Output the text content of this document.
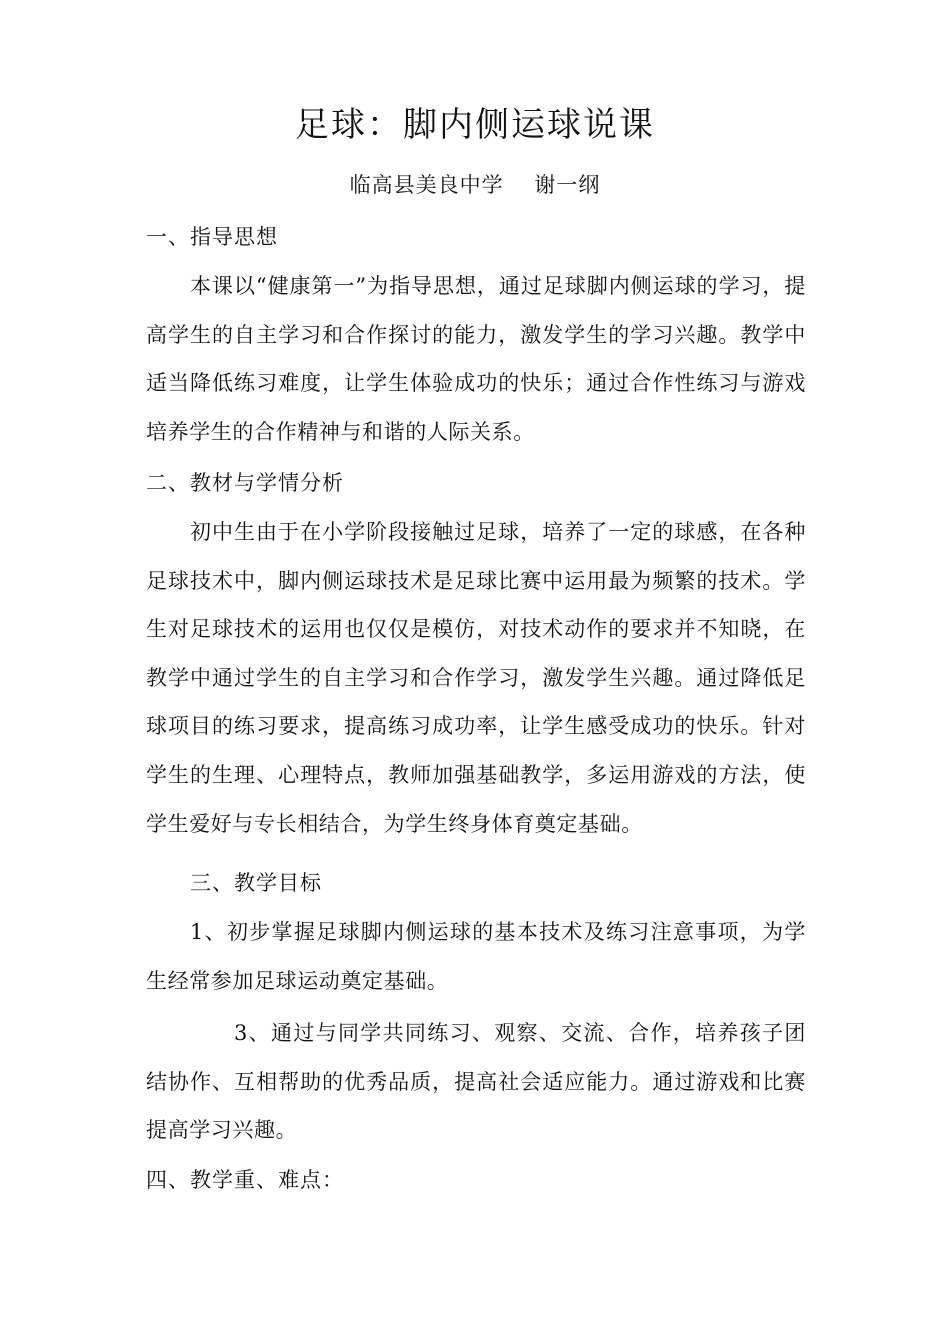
足球：脚内侧运球说课
临高县美良中学    谢一纲
一、指导思想

本课以“健康第一”为指导思想，通过足球脚内侧运球的学习，提高学生的自主学习和合作探讨的能力，激发学生的学习兴趣。教学中适当降低练习难度，让学生体验成功的快乐；通过合作性练习与游戏培养学生的合作精神与和谐的人际关系。

二、教材与学情分析

初中生由于在小学阶段接触过足球，培养了一定的球感，在各种足球技术中，脚内侧运球技术是足球比赛中运用最为频繁的技术。学生对足球技术的运用也仅仅是模仿，对技术动作的要求并不知晓，在教学中通过学生的自主学习和合作学习，激发学生兴趣。通过降低足球项目的练习要求，提高练习成功率，让学生感受成功的快乐。针对学生的生理、心理特点，教师加强基础教学，多运用游戏的方法，使学生爱好与专长相结合，为学生终身体育奠定基础。

三、教学目标

1、初步掌握足球脚内侧运球的基本技术及练习注意事项，为学生经常参加足球运动奠定基础。

3、通过与同学共同练习、观察、交流、合作，培养孩子团结协作、互相帮助的优秀品质，提高社会适应能力。通过游戏和比赛提高学习兴趣。

四、教学重、难点：
